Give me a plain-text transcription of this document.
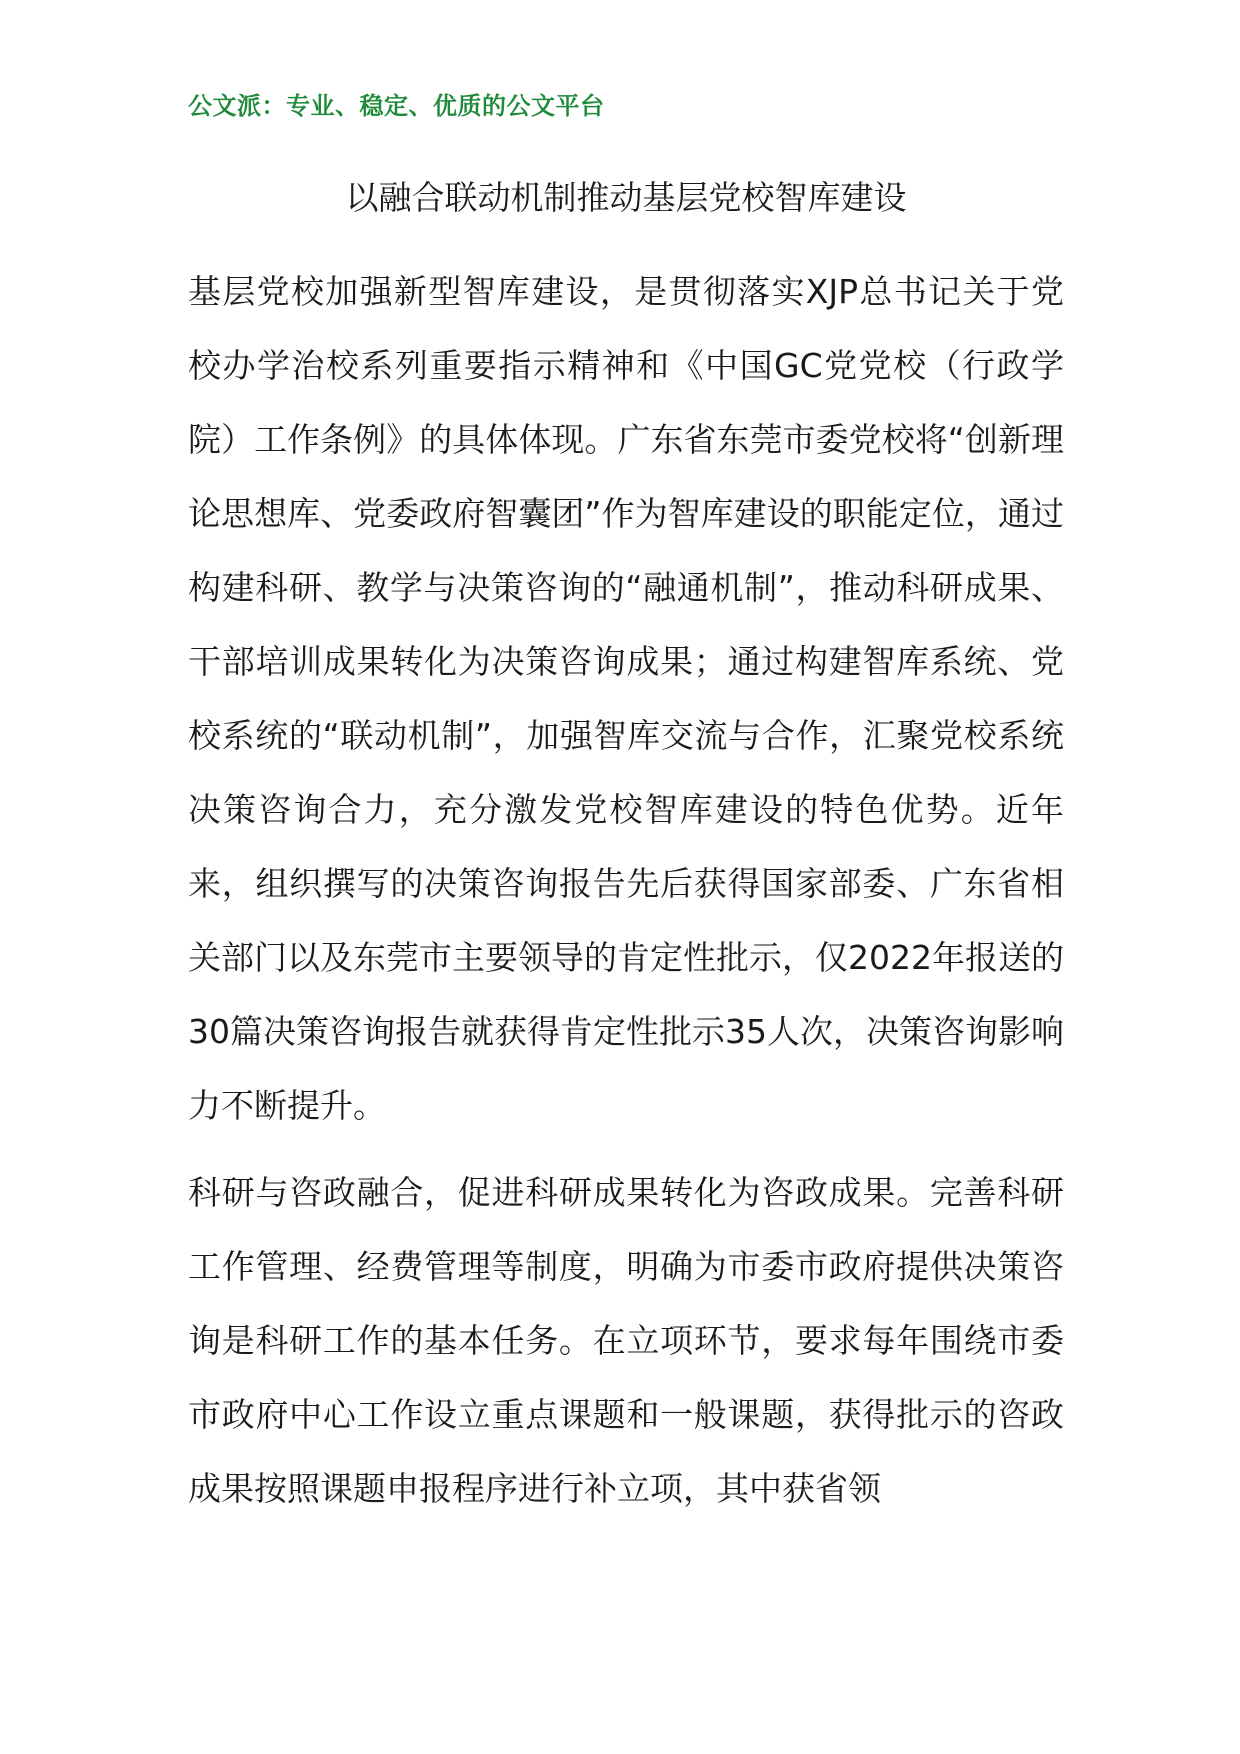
公文派：专业、稳定、优质的公文平台
以融合联动机制推动基层党校智库建设

基层党校加强新型智库建设，是贯彻落实XJP总书记关于党校办学治校系列重要指示精神和《中国GC党党校（行政学院）工作条例》的具体体现。广东省东莞市委党校将“创新理论思想库、党委政府智囊团”作为智库建设的职能定位，通过构建科研、教学与决策咨询的“融通机制”，推动科研成果、干部培训成果转化为决策咨询成果；通过构建智库系统、党校系统的“联动机制”，加强智库交流与合作，汇聚党校系统决策咨询合力，充分激发党校智库建设的特色优势。近年来，组织撰写的决策咨询报告先后获得国家部委、广东省相关部门以及东莞市主要领导的肯定性批示，仅2022年报送的30篇决策咨询报告就获得肯定性批示35人次，决策咨询影响力不断提升。

科研与咨政融合，促进科研成果转化为咨政成果。完善科研工作管理、经费管理等制度，明确为市委市政府提供决策咨询是科研工作的基本任务。在立项环节，要求每年围绕市委市政府中心工作设立重点课题和一般课题，获得批示的咨政成果按照课题申报程序进行补立项，其中获省领
